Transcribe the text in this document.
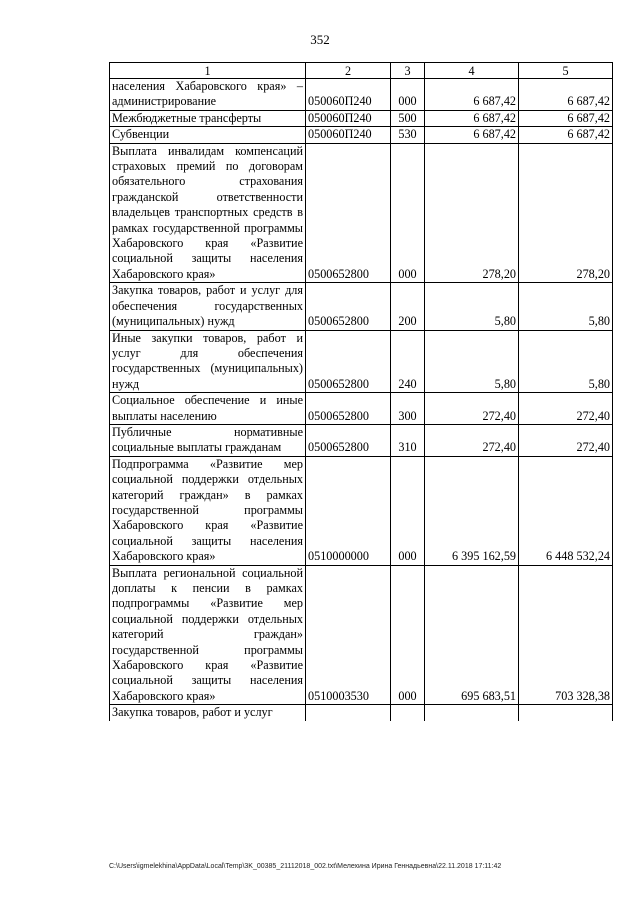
352
1	2	3	4	5
населения Хабаровского края» – администрирование	050060П240	000	6 687,42	6 687,42
Межбюджетные трансферты	050060П240	500	6 687,42	6 687,42
Субвенции	050060П240	530	6 687,42	6 687,42
Выплата инвалидам компенсаций страховых премий по договорам обязательного страхования гражданской ответственности владельцев транспортных средств в рамках государственной программы Хабаровского края «Развитие социальной защиты населения Хабаровского края»	0500652800	000	278,20	278,20
Закупка товаров, работ и услуг для обеспечения государственных (муниципальных) нужд	0500652800	200	5,80	5,80
Иные закупки товаров, работ и услуг для обеспечения государственных (муниципальных) нужд	0500652800	240	5,80	5,80
Социальное обеспечение и иные выплаты населению	0500652800	300	272,40	272,40
Публичные нормативные социальные выплаты гражданам	0500652800	310	272,40	272,40
Подпрограмма «Развитие мер социальной поддержки отдельных категорий граждан» в рамках государственной программы Хабаровского края «Развитие социальной защиты населения Хабаровского края»	0510000000	000	6 395 162,59	6 448 532,24
Выплата региональной социальной доплаты к пенсии в рамках подпрограммы «Развитие мер социальной поддержки отдельных категорий граждан» государственной программы Хабаровского края «Развитие социальной защиты населения Хабаровского края»	0510003530	000	695 683,51	703 328,38
Закупка товаров, работ и услуг				
C:\Users\igmelekhina\AppData\Local\Temp\3K_00385_21112018_002.txt\Мелехина Ирина Геннадьевна\22.11.2018 17:11:42
